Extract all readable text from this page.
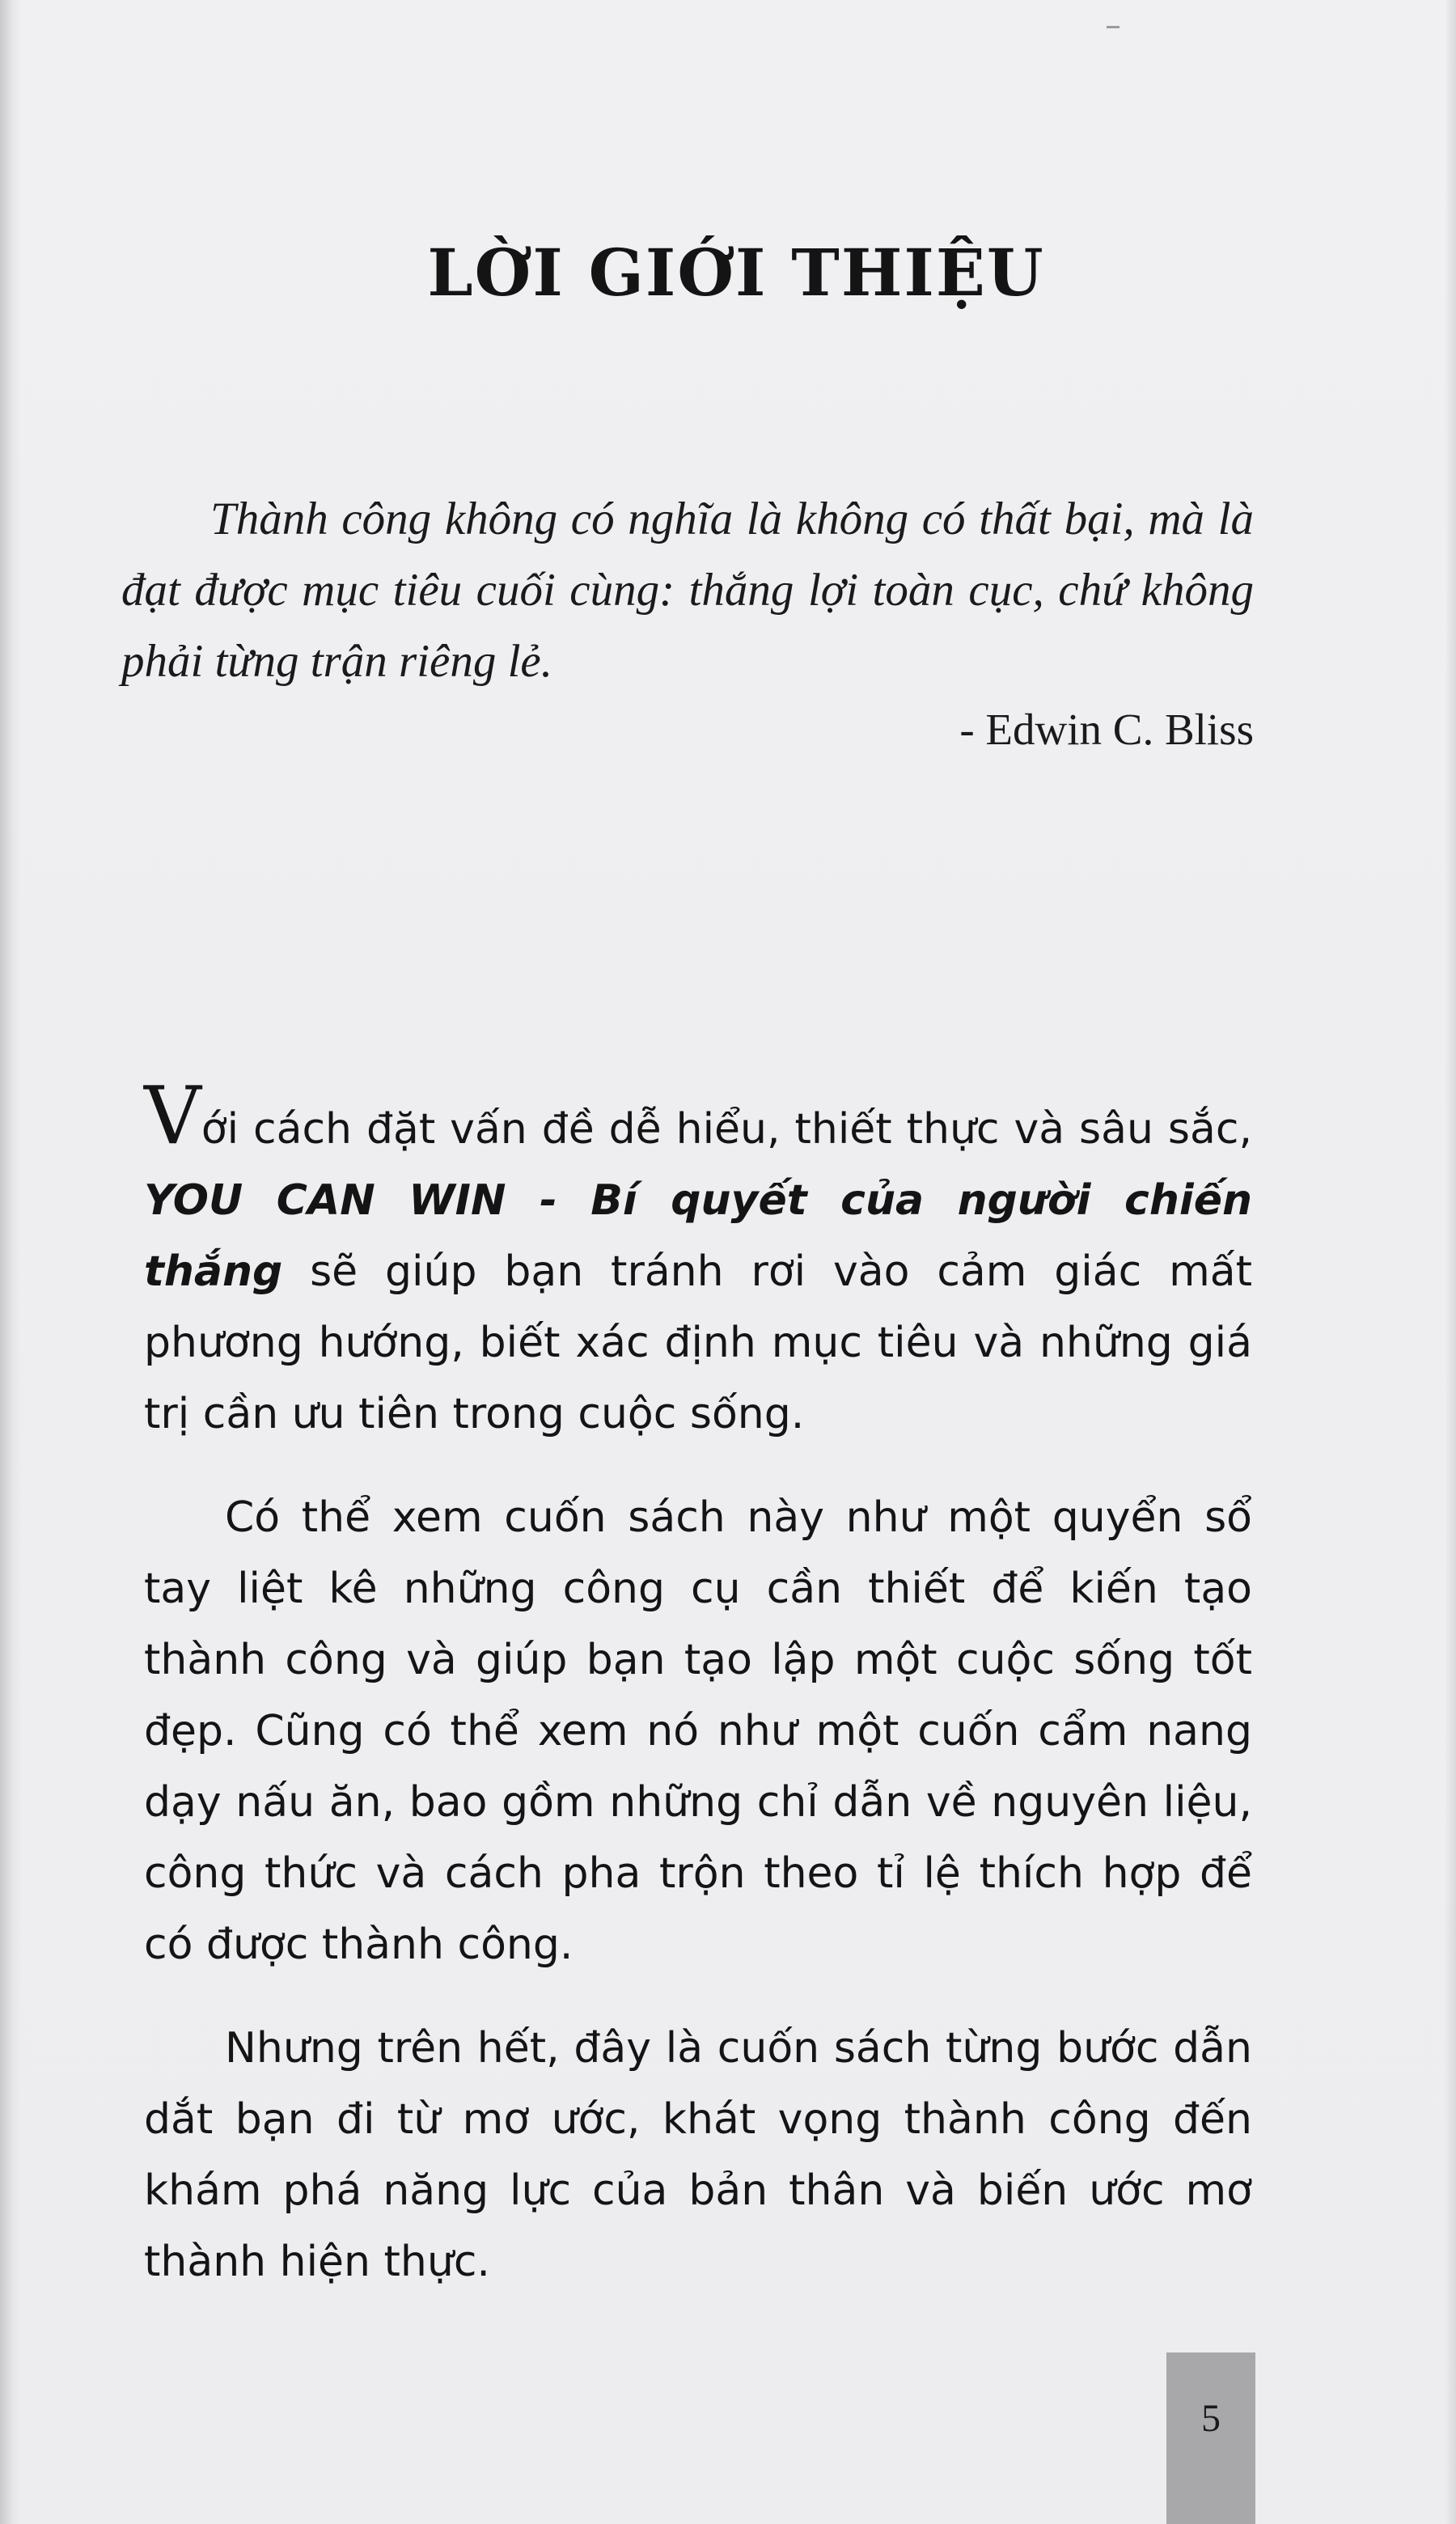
LỜI GIỚI THIỆU

Thành công không có nghĩa là không có thất bại, mà là đạt được mục tiêu cuối cùng: thắng lợi toàn cục, chứ không phải từng trận riêng lẻ.

- Edwin C. Bliss

Với cách đặt vấn đề dễ hiểu, thiết thực và sâu sắc, YOU CAN WIN - Bí quyết của người chiến thắng sẽ giúp bạn tránh rơi vào cảm giác mất phương hướng, biết xác định mục tiêu và những giá trị cần ưu tiên trong cuộc sống.

Có thể xem cuốn sách này như một quyển sổ tay liệt kê những công cụ cần thiết để kiến tạo thành công và giúp bạn tạo lập một cuộc sống tốt đẹp. Cũng có thể xem nó như một cuốn cẩm nang dạy nấu ăn, bao gồm những chỉ dẫn về nguyên liệu, công thức và cách pha trộn theo tỉ lệ thích hợp để có được thành công.

Nhưng trên hết, đây là cuốn sách từng bước dẫn dắt bạn đi từ mơ ước, khát vọng thành công đến khám phá năng lực của bản thân và biến ước mơ thành hiện thực.

5
